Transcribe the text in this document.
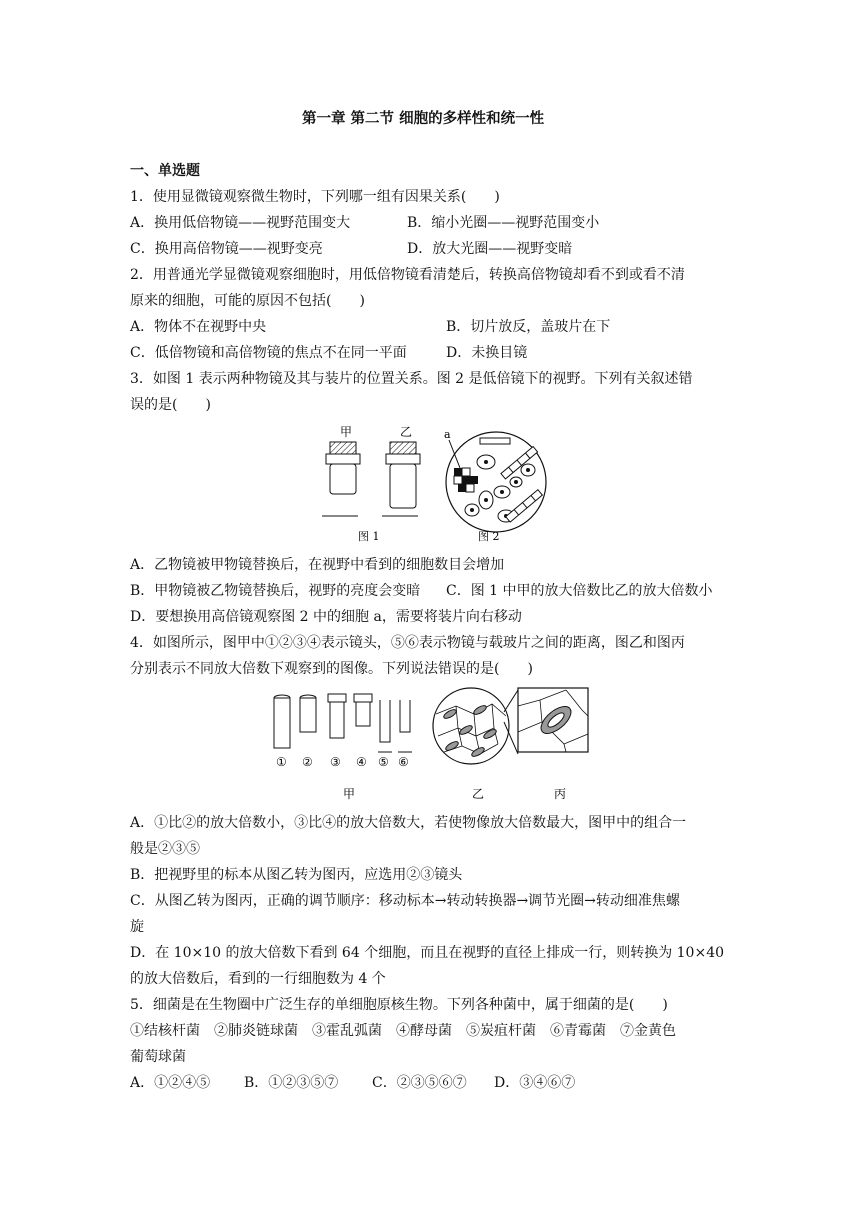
第一章 第二节 细胞的多样性和统一性
一、单选题
1．使用显微镜观察微生物时，下列哪一组有因果关系(　　)
A．换用低倍物镜——视野范围变大	B．缩小光圈——视野范围变小
C．换用高倍物镜——视野变亮	D．放大光圈——视野变暗
2．用普通光学显微镜观察细胞时，用低倍物镜看清楚后，转换高倍物镜却看不到或看不清
原来的细胞，可能的原因不包括(　　)
A．物体不在视野中央	B．切片放反，盖玻片在下
C．低倍物镜和高倍物镜的焦点不在同一平面	D．未换目镜
3．如图 1 表示两种物镜及其与装片的位置关系。图 2 是低倍镜下的视野。下列有关叙述错
误的是(　　)
甲	乙
图 1
a
图 2
A．乙物镜被甲物镜替换后，在视野中看到的细胞数目会增加
B．甲物镜被乙物镜替换后，视野的亮度会变暗 C．图 1 中甲的放大倍数比乙的放大倍数小
D．要想换用高倍镜观察图 2 中的细胞 a，需要将装片向右移动
4．如图所示，图甲中①②③④表示镜头，⑤⑥表示物镜与载玻片之间的距离，图乙和图丙
分别表示不同放大倍数下观察到的图像。下列说法错误的是(　　)
① ② ③ ④ ⑤ ⑥
甲	乙	丙
A．①比②的放大倍数小，③比④的放大倍数大，若使物像放大倍数最大，图甲中的组合一
般是②③⑤
B．把视野里的标本从图乙转为图丙，应选用②③镜头
C．从图乙转为图丙，正确的调节顺序：移动标本→转动转换器→调节光圈→转动细准焦螺
旋
D．在 10×10 的放大倍数下看到 64 个细胞，而且在视野的直径上排成一行，则转换为 10×40
的放大倍数后，看到的一行细胞数为 4 个
5．细菌是在生物圈中广泛生存的单细胞原核生物。下列各种菌中，属于细菌的是(　　)
①结核杆菌　②肺炎链球菌　③霍乱弧菌　④酵母菌　⑤炭疽杆菌　⑥青霉菌　⑦金黄色
葡萄球菌
A．①②④⑤ B．①②③⑤⑦ C．②③⑤⑥⑦ D．③④⑥⑦
